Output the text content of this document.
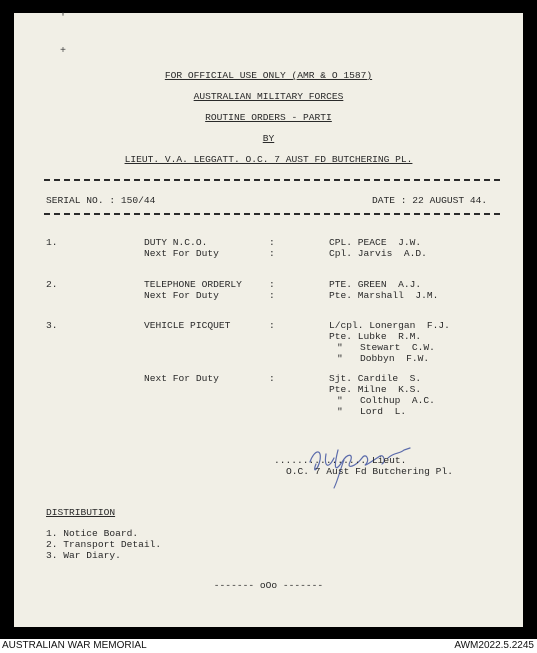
'
+
FOR OFFICIAL USE ONLY (AMR & O 1587)
AUSTRALIAN MILITARY FORCES
ROUTINE ORDERS - PARTI
BY
LIEUT. V.A. LEGGATT. O.C. 7 AUST FD BUTCHERING PL.
SERIAL NO. : 150/44	DATE : 22 AUGUST 44.
1.	DUTY N.C.O.	:	CPL. PEACE  J.W.
Next For Duty	:	Cpl. Jarvis  A.D.
2.	TELEPHONE ORDERLY	:	PTE. GREEN  A.J.
Next For Duty	:	Pte. Marshall  J.M.
3.	VEHICLE PICQUET	:	L/cpl. Lonergan  F.J.
Pte. Lubke  R.M.
"   Stewart  C.W.
"   Dobbyn  F.W.
Next For Duty	:	Sjt. Cardile  S.
Pte. Milne  K.S.
"   Colthup  A.C.
"   Lord  L.
................ Lieut.
O.C. 7 Aust Fd Butchering Pl.
DISTRIBUTION
1. Notice Board.
2. Transport Detail.
3. War Diary.
------- oOo -------
AUSTRALIAN WAR MEMORIAL	AWM2022.5.2245
